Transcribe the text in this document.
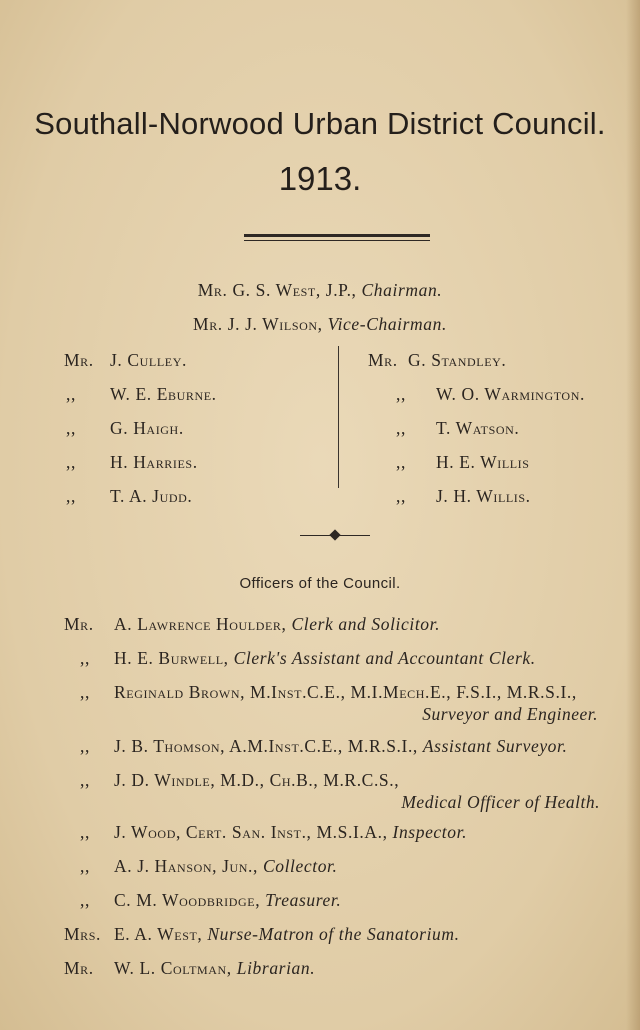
Southall-Norwood Urban District Council.
1913.
Mr. G. S. West, J.P., Chairman.
Mr. J. J. Wilson, Vice-Chairman.
Mr. J. Culley.
,, W. E. Eburne.
,, G. Haigh.
,, H. Harries.
,, T. A. Judd.
Mr. G. Standley.
,, W. O. Warmington.
,, T. Watson.
,, H. E. Willis
,, J. H. Willis.
Officers of the Council.
Mr. A. Lawrence Houlder, Clerk and Solicitor.
,, H. E. Burwell, Clerk's Assistant and Accountant Clerk.
,, Reginald Brown, M.Inst.C.E., M.I.Mech.E., F.S.I., M.R.S.I.,
Surveyor and Engineer.
,, J. B. Thomson, A.M.Inst.C.E., M.R.S.I., Assistant Surveyor.
,, J. D. Windle, M.D., Ch.B., M.R.C.S.,
Medical Officer of Health.
,, J. Wood, Cert. San. Inst., M.S.I.A., Inspector.
,, A. J. Hanson, Jun., Collector.
,, C. M. Woodbridge, Treasurer.
Mrs. E. A. West, Nurse-Matron of the Sanatorium.
Mr. W. L. Coltman, Librarian.
